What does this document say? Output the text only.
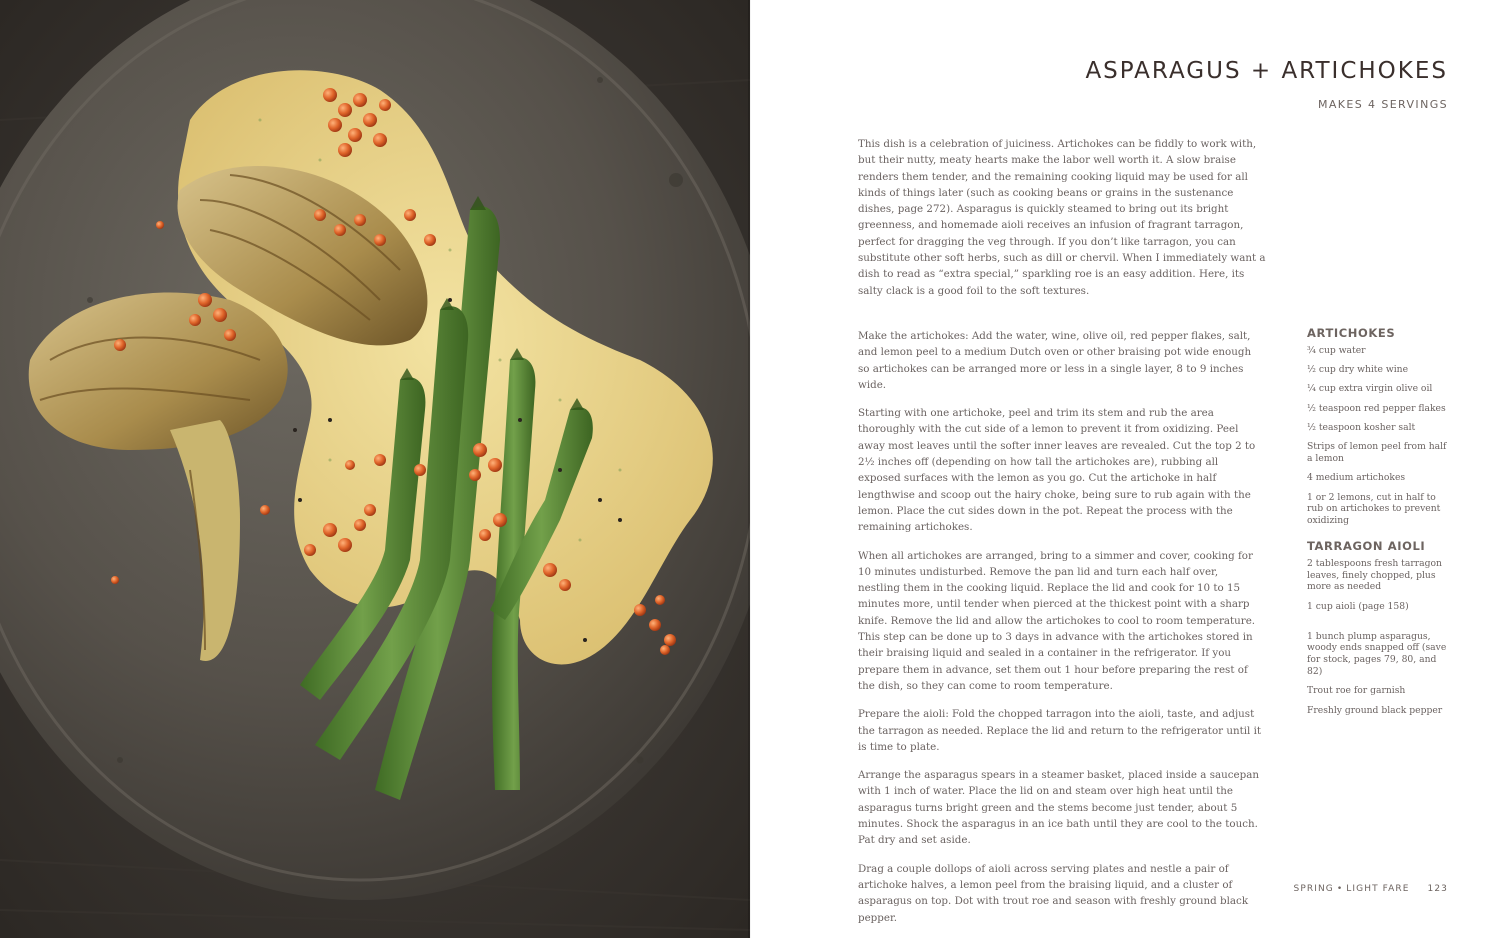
ASPARAGUS + ARTICHOKES
MAKES 4 SERVINGS

This dish is a celebration of juiciness. Artichokes can be fiddly to work with, but their nutty, meaty hearts make the labor well worth it. A slow braise renders them tender, and the remaining cooking liquid may be used for all kinds of things later (such as cooking beans or grains in the sustenance dishes, page 272). Asparagus is quickly steamed to bring out its bright greenness, and homemade aioli receives an infusion of fragrant tarragon, perfect for dragging the veg through. If you don’t like tarragon, you can substitute other soft herbs, such as dill or chervil. When I immediately want a dish to read as “extra special,” sparkling roe is an easy addition. Here, its salty clack is a good foil to the soft textures.

Make the artichokes: Add the water, wine, olive oil, red pepper flakes, salt, and lemon peel to a medium Dutch oven or other braising pot wide enough so artichokes can be arranged more or less in a single layer, 8 to 9 inches wide.

Starting with one artichoke, peel and trim its stem and rub the area thoroughly with the cut side of a lemon to prevent it from oxidizing. Peel away most leaves until the softer inner leaves are revealed. Cut the top 2 to 2½ inches off (depending on how tall the artichokes are), rubbing all exposed surfaces with the lemon as you go. Cut the artichoke in half lengthwise and scoop out the hairy choke, being sure to rub again with the lemon. Place the cut sides down in the pot. Repeat the process with the remaining artichokes.

When all artichokes are arranged, bring to a simmer and cover, cooking for 10 minutes undisturbed. Remove the pan lid and turn each half over, nestling them in the cooking liquid. Replace the lid and cook for 10 to 15 minutes more, until tender when pierced at the thickest point with a sharp knife. Remove the lid and allow the artichokes to cool to room temperature. This step can be done up to 3 days in advance with the artichokes stored in their braising liquid and sealed in a container in the refrigerator. If you prepare them in advance, set them out 1 hour before preparing the rest of the dish, so they can come to room temperature.

Prepare the aioli: Fold the chopped tarragon into the aioli, taste, and adjust the tarragon as needed. Replace the lid and return to the refrigerator until it is time to plate.

Arrange the asparagus spears in a steamer basket, placed inside a saucepan with 1 inch of water. Place the lid on and steam over high heat until the asparagus turns bright green and the stems become just tender, about 5 minutes. Shock the asparagus in an ice bath until they are cool to the touch. Pat dry and set aside.

Drag a couple dollops of aioli across serving plates and nestle a pair of artichoke halves, a lemon peel from the braising liquid, and a cluster of asparagus on top. Dot with trout roe and season with freshly ground black pepper.

ARTICHOKES
¾ cup water
½ cup dry white wine
¼ cup extra virgin olive oil
½ teaspoon red pepper flakes
½ teaspoon kosher salt
Strips of lemon peel from half a lemon
4 medium artichokes
1 or 2 lemons, cut in half to rub on artichokes to prevent oxidizing
TARRAGON AIOLI
2 tablespoons fresh tarragon leaves, finely chopped, plus more as needed
1 cup aioli (page 158)
1 bunch plump asparagus, woody ends snapped off (save for stock, pages 79, 80, and 82)
Trout roe for garnish
Freshly ground black pepper
SPRING • LIGHT FARE 123
